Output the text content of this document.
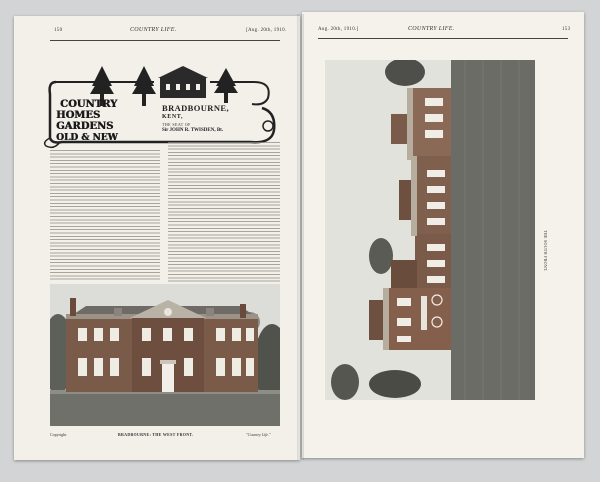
150	COUNTRY LIFE.	[Aug. 20th, 1910.
COUNTRY
HOMES
GARDENS
OLD & NEW
BRADBOURNE,
KENT,
THE SEAT OF
Sir JOHN R. TWISDEN, Bt.
Copyright.	BRADBOURNE: THE WEST FRONT.	"Country Life."
Aug. 20th, 1910.]	COUNTRY LIFE.	153
THE SOUTH FRONT.
